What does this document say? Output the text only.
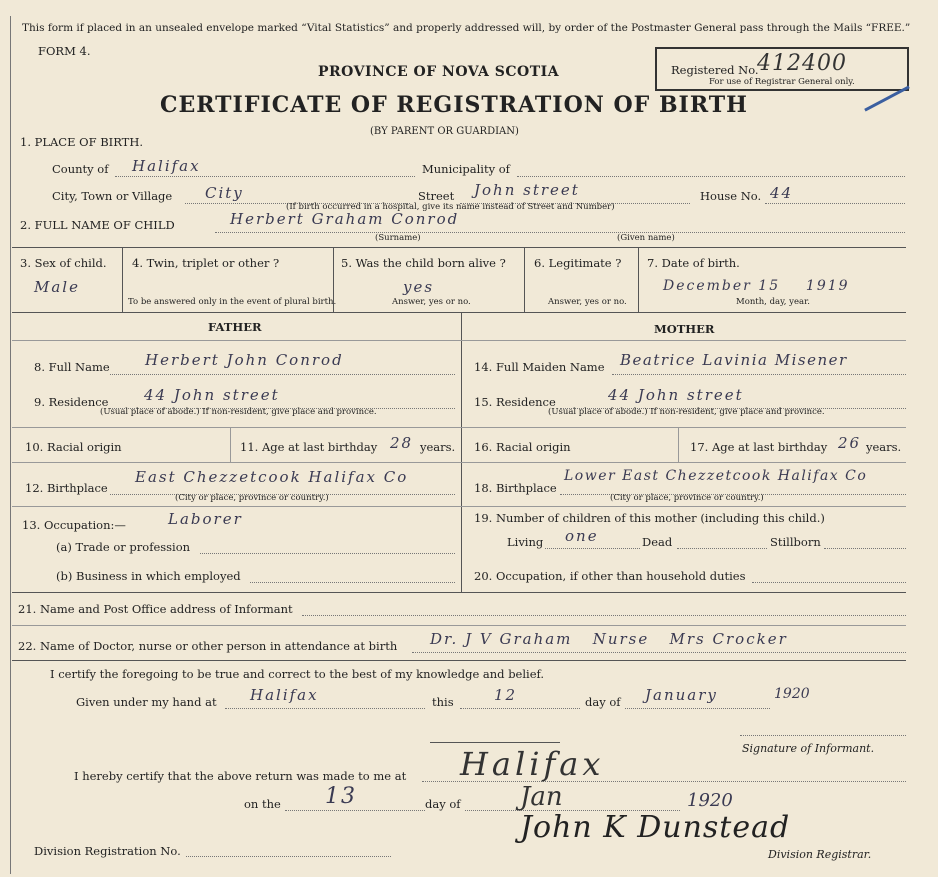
This form if placed in an unsealed envelope marked “Vital Statistics” and properly addressed will, by order of the Postmaster General pass through the Mails “FREE.”
FORM 4.
PROVINCE OF NOVA SCOTIA
CERTIFICATE OF REGISTRATION OF BIRTH
(BY PARENT OR GUARDIAN)
Registered No.
412400
For use of Registrar General only.
1. PLACE OF BIRTH.
County of Halifax	Municipality of
City, Town or Village City	Street John street	House No. 44
(If birth occurred in a hospital, give its name instead of Street and Number)
2. FULL NAME OF CHILD	Herbert Graham Conrod
(Surname)	(Given name)
3. Sex of child.
Male
4. Twin, triplet or other ?
To be answered only in the event of plural birth.
5. Was the child born alive ?
yes
Answer, yes or no.
6. Legitimate ?
Answer, yes or no.
7. Date of birth.
December 15    1919
Month, day, year.
FATHER	MOTHER
8. Full Name Herbert John Conrod
9. Residence 44 John street
(Usual place of abode.) If non-resident, give place and province.
10. Racial origin	11. Age at last birthday 28 years.
12. Birthplace
East Chezzetcook Halifax Co
(City or place, province or country.)
13. Occupation:—	Laborer
(a) Trade or profession
(b) Business in which employed
14. Full Maiden Name Beatrice Lavinia Misener
15. Residence	44 John street
(Usual place of abode.) If non-resident, give place and province.
16. Racial origin	17. Age at last birthday 26 years.
18. Birthplace
Lower East Chezzetcook Halifax Co
(City or place, province or country.)
19. Number of children of this mother (including this child.)
Living one	Dead	Stillborn
20. Occupation, if other than household duties
21. Name and Post Office address of Informant
22. Name of Doctor, nurse or other person in attendance at birth Dr. J V Graham   Nurse   Mrs Crocker
I certify the foregoing to be true and correct to the best of my knowledge and belief.
Given under my hand at Halifax	this	12	day of January	1920
Signature of Informant.
I hereby certify that the above return was made to me at Halifax
on the 13	day of Jan	1920
Division Registration No.
John K Dunstead
Division Registrar.
